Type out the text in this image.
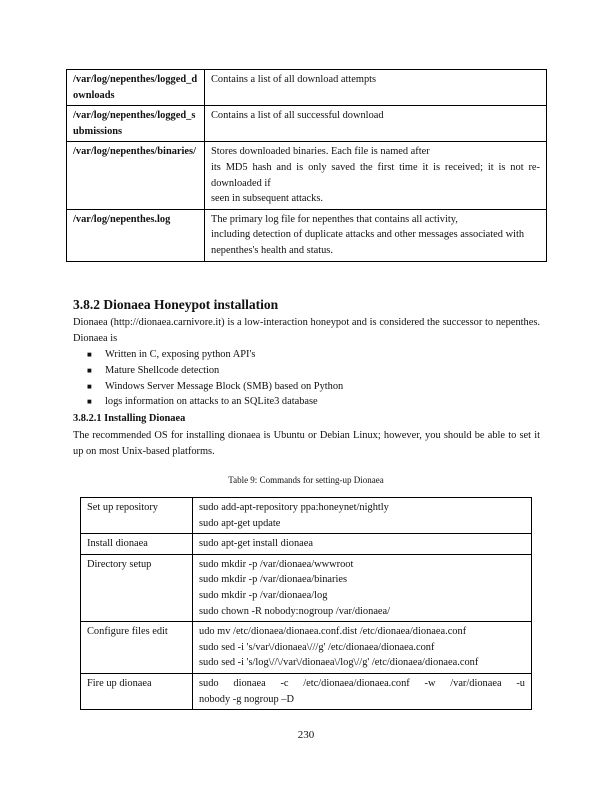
/var/log/nepenthes/logged_downloads	Contains a list of all download attempts

/var/log/nepenthes/logged_submissions	Contains a list of all successful download

/var/log/nepenthes/binaries/	Stores downloaded binaries. Each file is named after
its MD5 hash and is only saved the first time it is received; it is not re-downloaded if
seen in subsequent attacks.

/var/log/nepenthes.log	The primary log file for nepenthes that contains all activity,
including detection of duplicate attacks and other messages associated with
nepenthes's health and status.
3.8.2 Dionaea Honeypot installation
Dionaea (http://dionaea.carnivore.it) is a low-interaction honeypot and is considered the successor to nepenthes. Dionaea is
■ Written in C, exposing python API's
■ Mature Shellcode detection
■ Windows Server Message Block (SMB) based on Python
■ logs information on attacks to an SQLite3 database
3.8.2.1 Installing Dionaea
The recommended OS for installing dionaea is Ubuntu or Debian Linux; however, you should be able to set it up on most Unix-based platforms.
Table 9: Commands for setting-up Dionaea
Set up repository	sudo add-apt-repository ppa:honeynet/nightly
sudo apt-get update

Install dionaea	sudo apt-get install dionaea

Directory setup	sudo mkdir -p /var/dionaea/wwwroot
sudo mkdir -p /var/dionaea/binaries
sudo mkdir -p /var/dionaea/log
sudo chown -R nobody:nogroup /var/dionaea/

Configure files edit	udo mv /etc/dionaea/dionaea.conf.dist /etc/dionaea/dionaea.conf
sudo sed -i 's/var\/dionaea\///g' /etc/dionaea/dionaea.conf
sudo sed -i 's/log\//\/var\/dionaea\/log\//g' /etc/dionaea/dionaea.conf

Fire up dionaea	sudo dionaea -c /etc/dionaea/dionaea.conf -w /var/dionaea -u
nobody -g nogroup –D
230
